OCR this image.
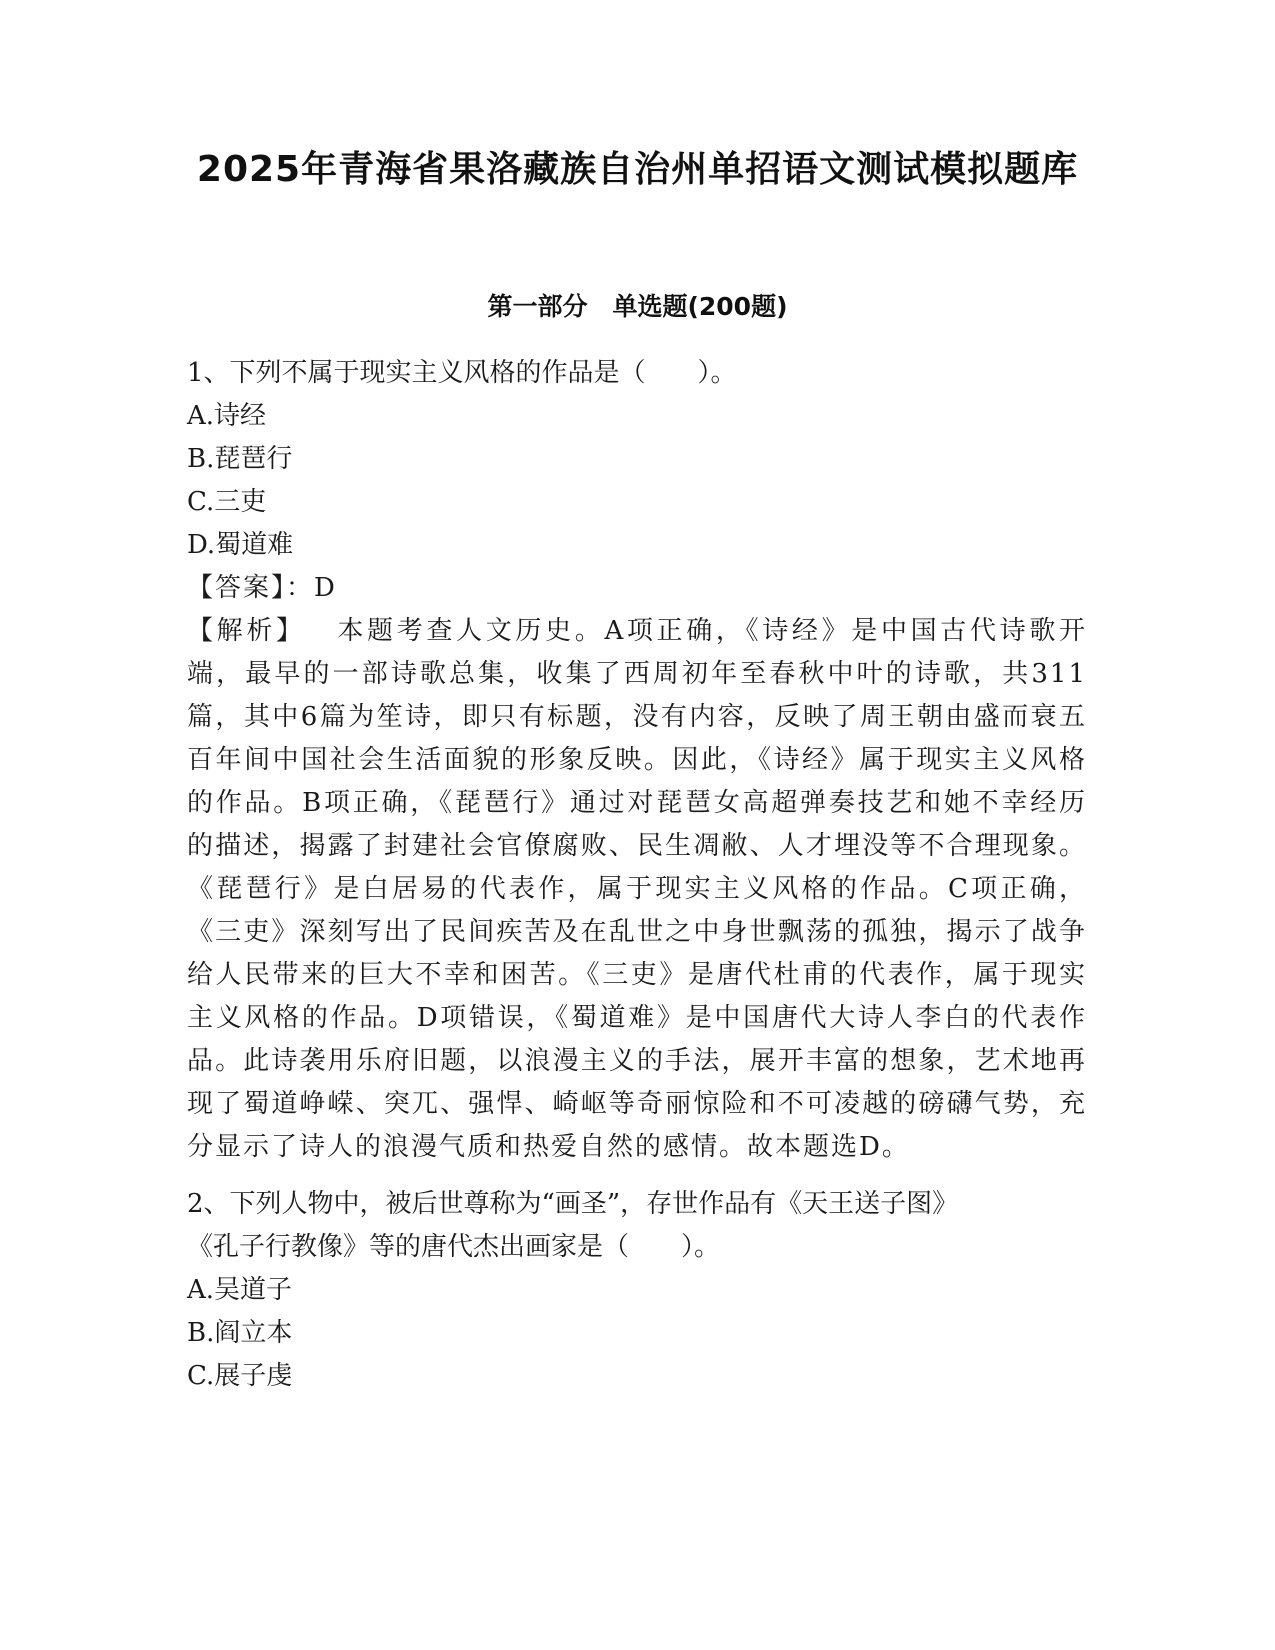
2025年青海省果洛藏族自治州单招语文测试模拟题库
第一部分　单选题(200题)
1、下列不属于现实主义风格的作品是（　　）。
A.诗经
B.琵琶行
C.三吏
D.蜀道难
【答案】：D
【解析】 本题考查人文历史。A项正确，《诗经》是中国古代诗歌开端，最早的一部诗歌总集，收集了西周初年至春秋中叶的诗歌，共311篇，其中6篇为笙诗，即只有标题，没有内容，反映了周王朝由盛而衰五百年间中国社会生活面貌的形象反映。因此，《诗经》属于现实主义风格的作品。B项正确，《琵琶行》通过对琵琶女高超弹奏技艺和她不幸经历的描述，揭露了封建社会官僚腐败、民生凋敝、人才埋没等不合理现象。《琵琶行》是白居易的代表作，属于现实主义风格的作品。C项正确，《三吏》深刻写出了民间疾苦及在乱世之中身世飘荡的孤独，揭示了战争给人民带来的巨大不幸和困苦。《三吏》是唐代杜甫的代表作，属于现实主义风格的作品。D项错误，《蜀道难》是中国唐代大诗人李白的代表作品。此诗袭用乐府旧题，以浪漫主义的手法，展开丰富的想象，艺术地再现了蜀道峥嵘、突兀、强悍、崎岖等奇丽惊险和不可凌越的磅礴气势，充分显示了诗人的浪漫气质和热爱自然的感情。故本题选D。
2、下列人物中，被后世尊称为“画圣”，存世作品有《天王送子图》
《孔子行教像》等的唐代杰出画家是（　　）。
A.吴道子
B.阎立本
C.展子虔
